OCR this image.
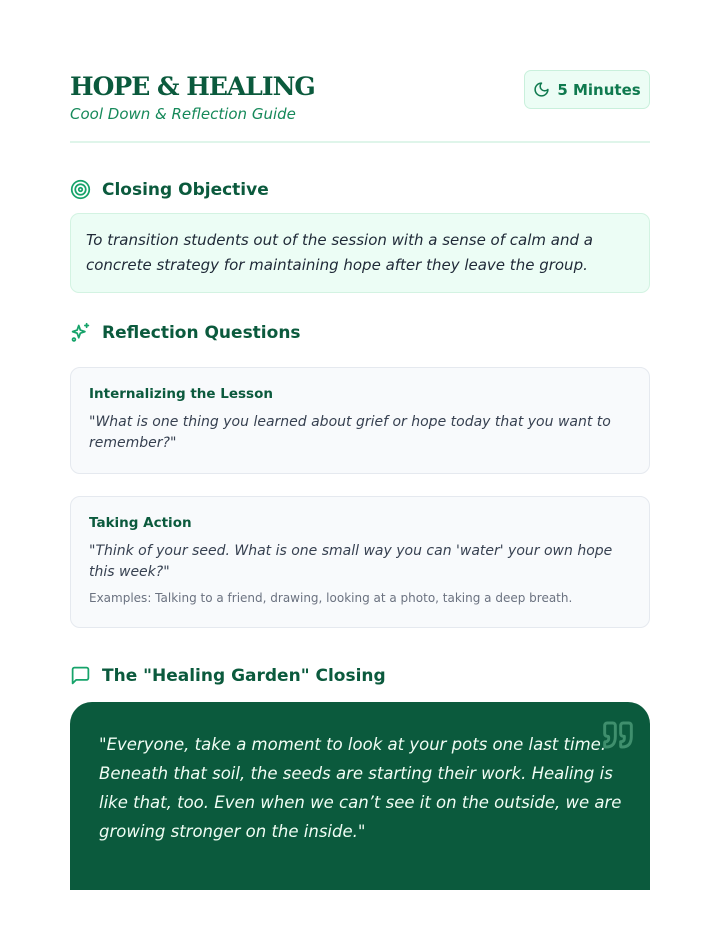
HOPE & HEALING
Cool Down & Reflection Guide
5 Minutes
Closing Objective
To transition students out of the session with a sense of calm and a concrete strategy for maintaining hope after they leave the group.
Reflection Questions
Internalizing the Lesson
"What is one thing you learned about grief or hope today that you want to remember?"
Taking Action
"Think of your seed. What is one small way you can 'water' your own hope this week?"
Examples: Talking to a friend, drawing, looking at a photo, taking a deep breath.
The "Healing Garden" Closing
"Everyone, take a moment to look at your pots one last time. Beneath that soil, the seeds are starting their work. Healing is like that, too. Even when we can’t see it on the outside, we are growing stronger on the inside."
